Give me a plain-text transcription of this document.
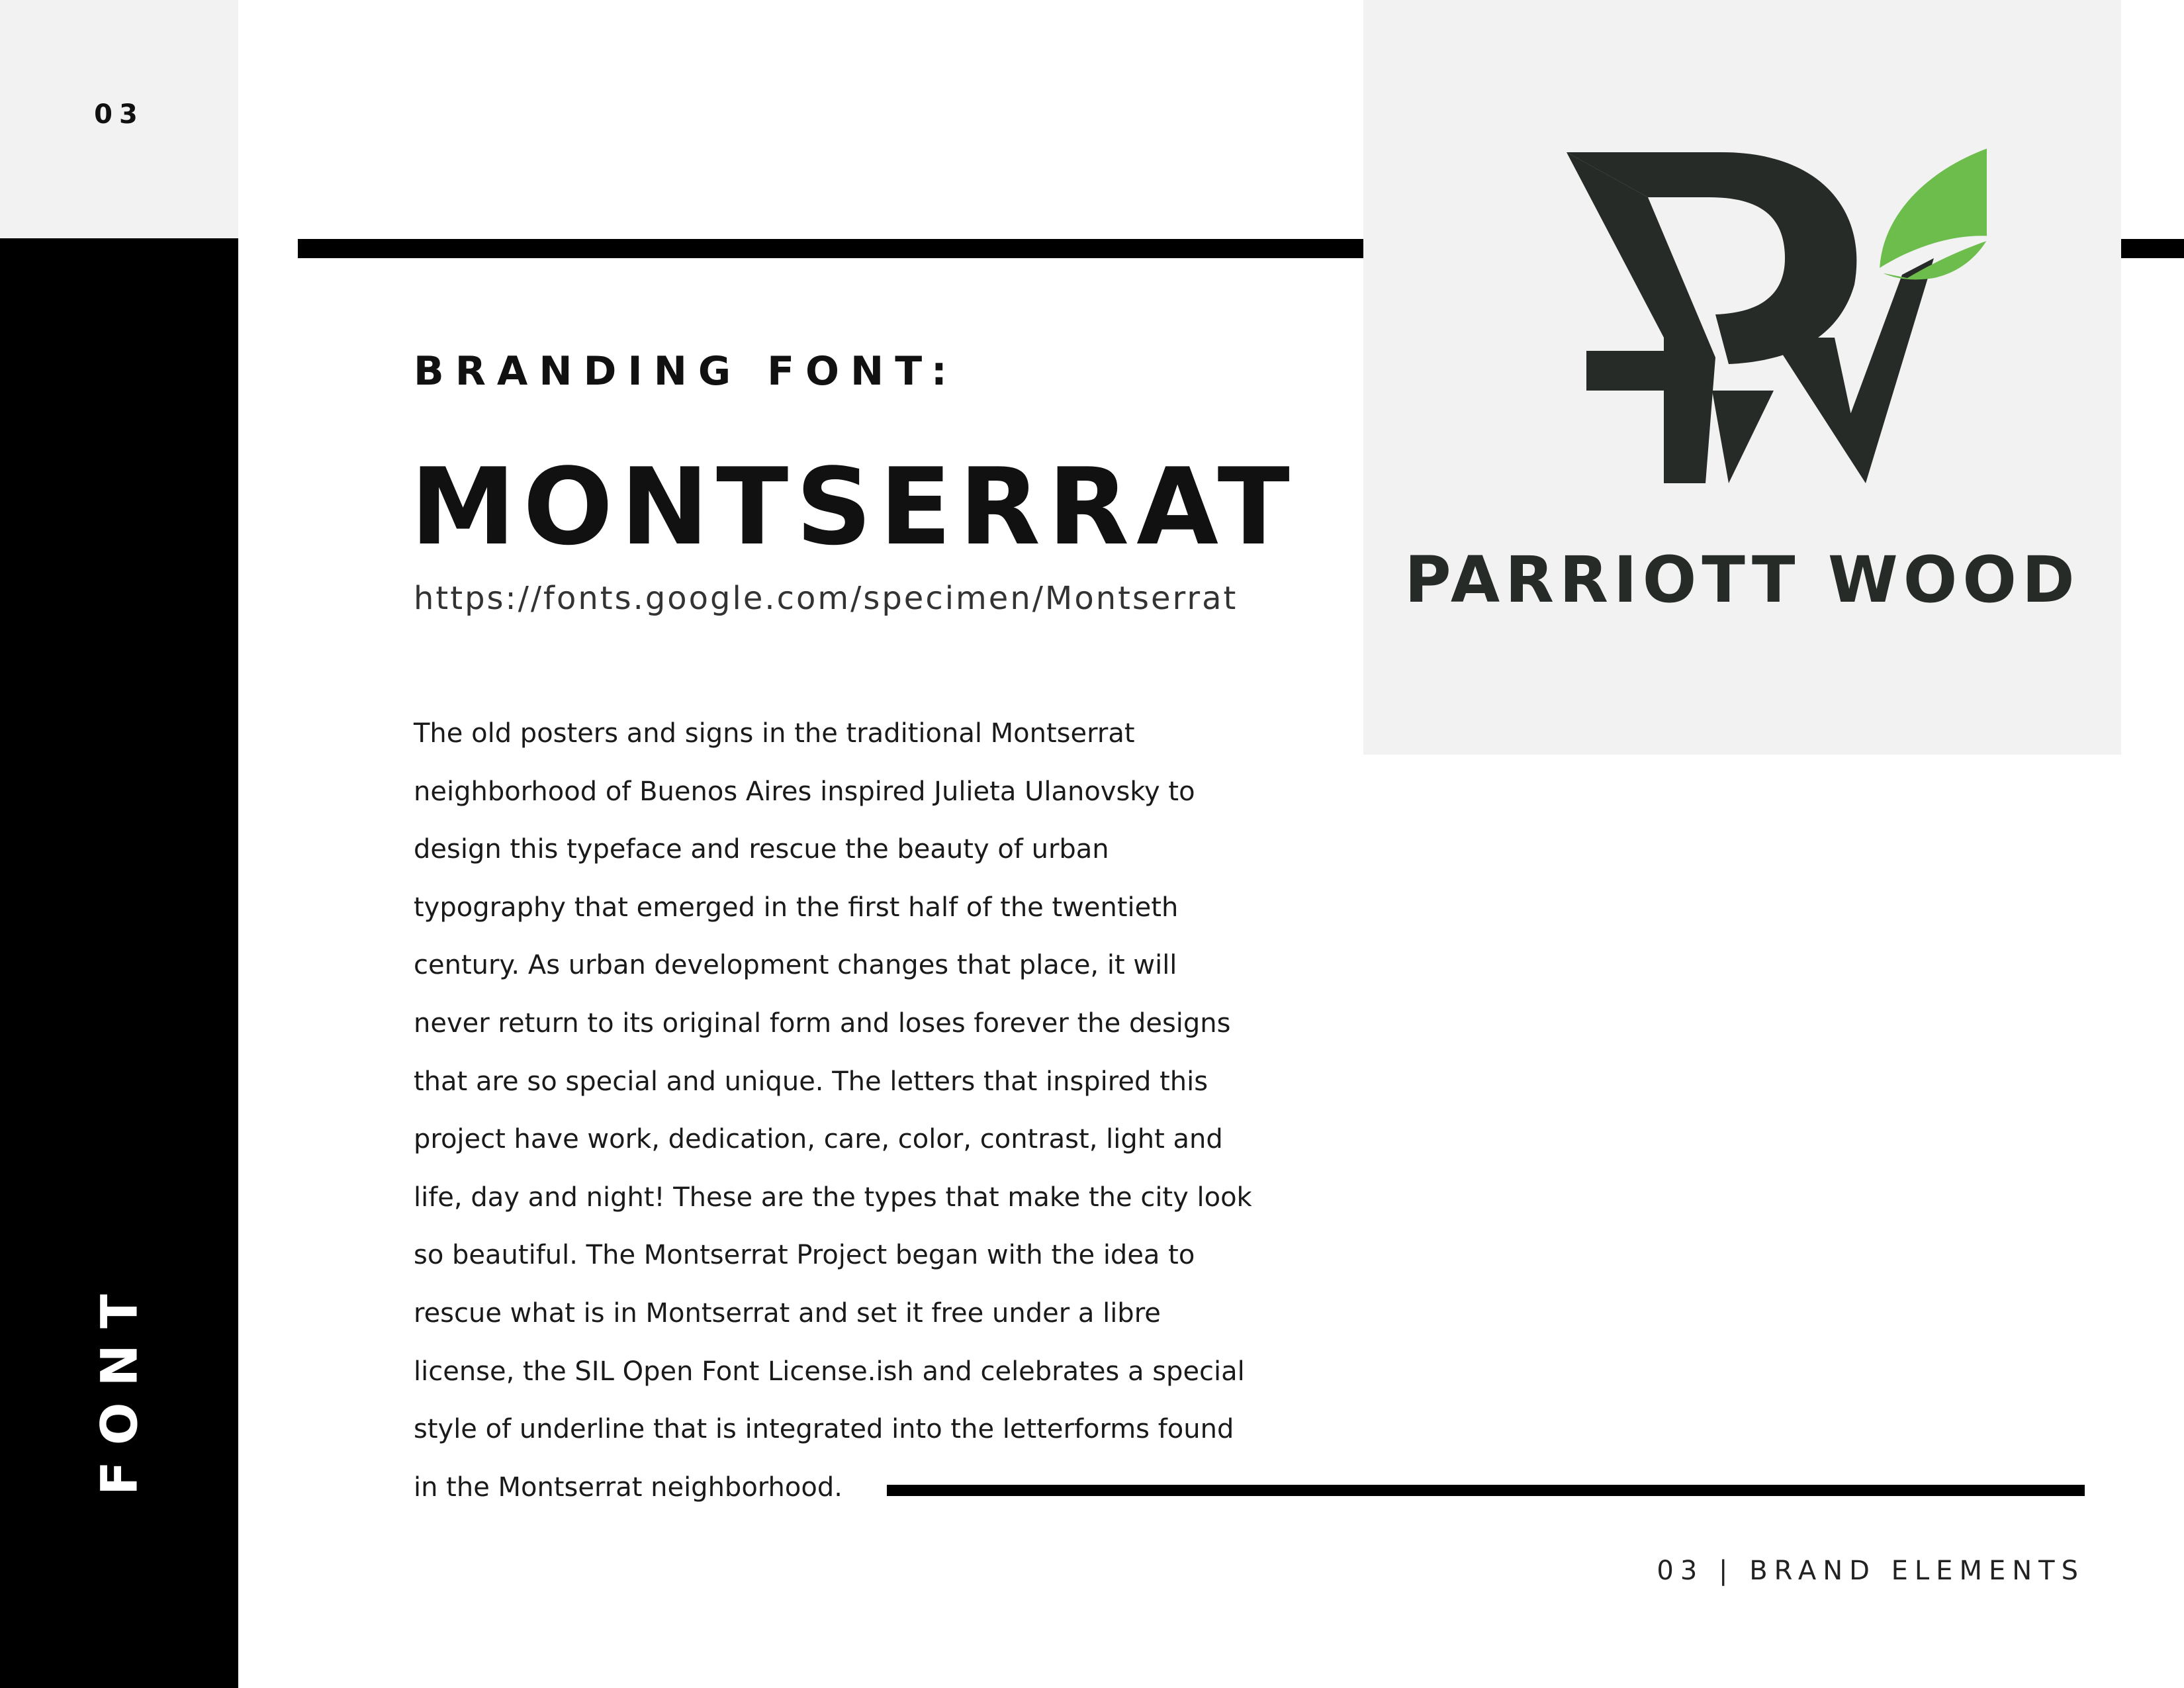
03
FONT
PARRIOTT WOOD
BRANDING FONT:
MONTSERRAT
https://fonts.google.com/specimen/Montserrat
The old posters and signs in the traditional Montserrat
neighborhood of Buenos Aires inspired Julieta Ulanovsky to
design this typeface and rescue the beauty of urban
typography that emerged in the first half of the twentieth
century. As urban development changes that place, it will
never return to its original form and loses forever the designs
that are so special and unique. The letters that inspired this
project have work, dedication, care, color, contrast, light and
life, day and night! These are the types that make the city look
so beautiful. The Montserrat Project began with the idea to
rescue what is in Montserrat and set it free under a libre
license, the SIL Open Font License.ish and celebrates a special
style of underline that is integrated into the letterforms found
in the Montserrat neighborhood.
03 | BRAND ELEMENTS
